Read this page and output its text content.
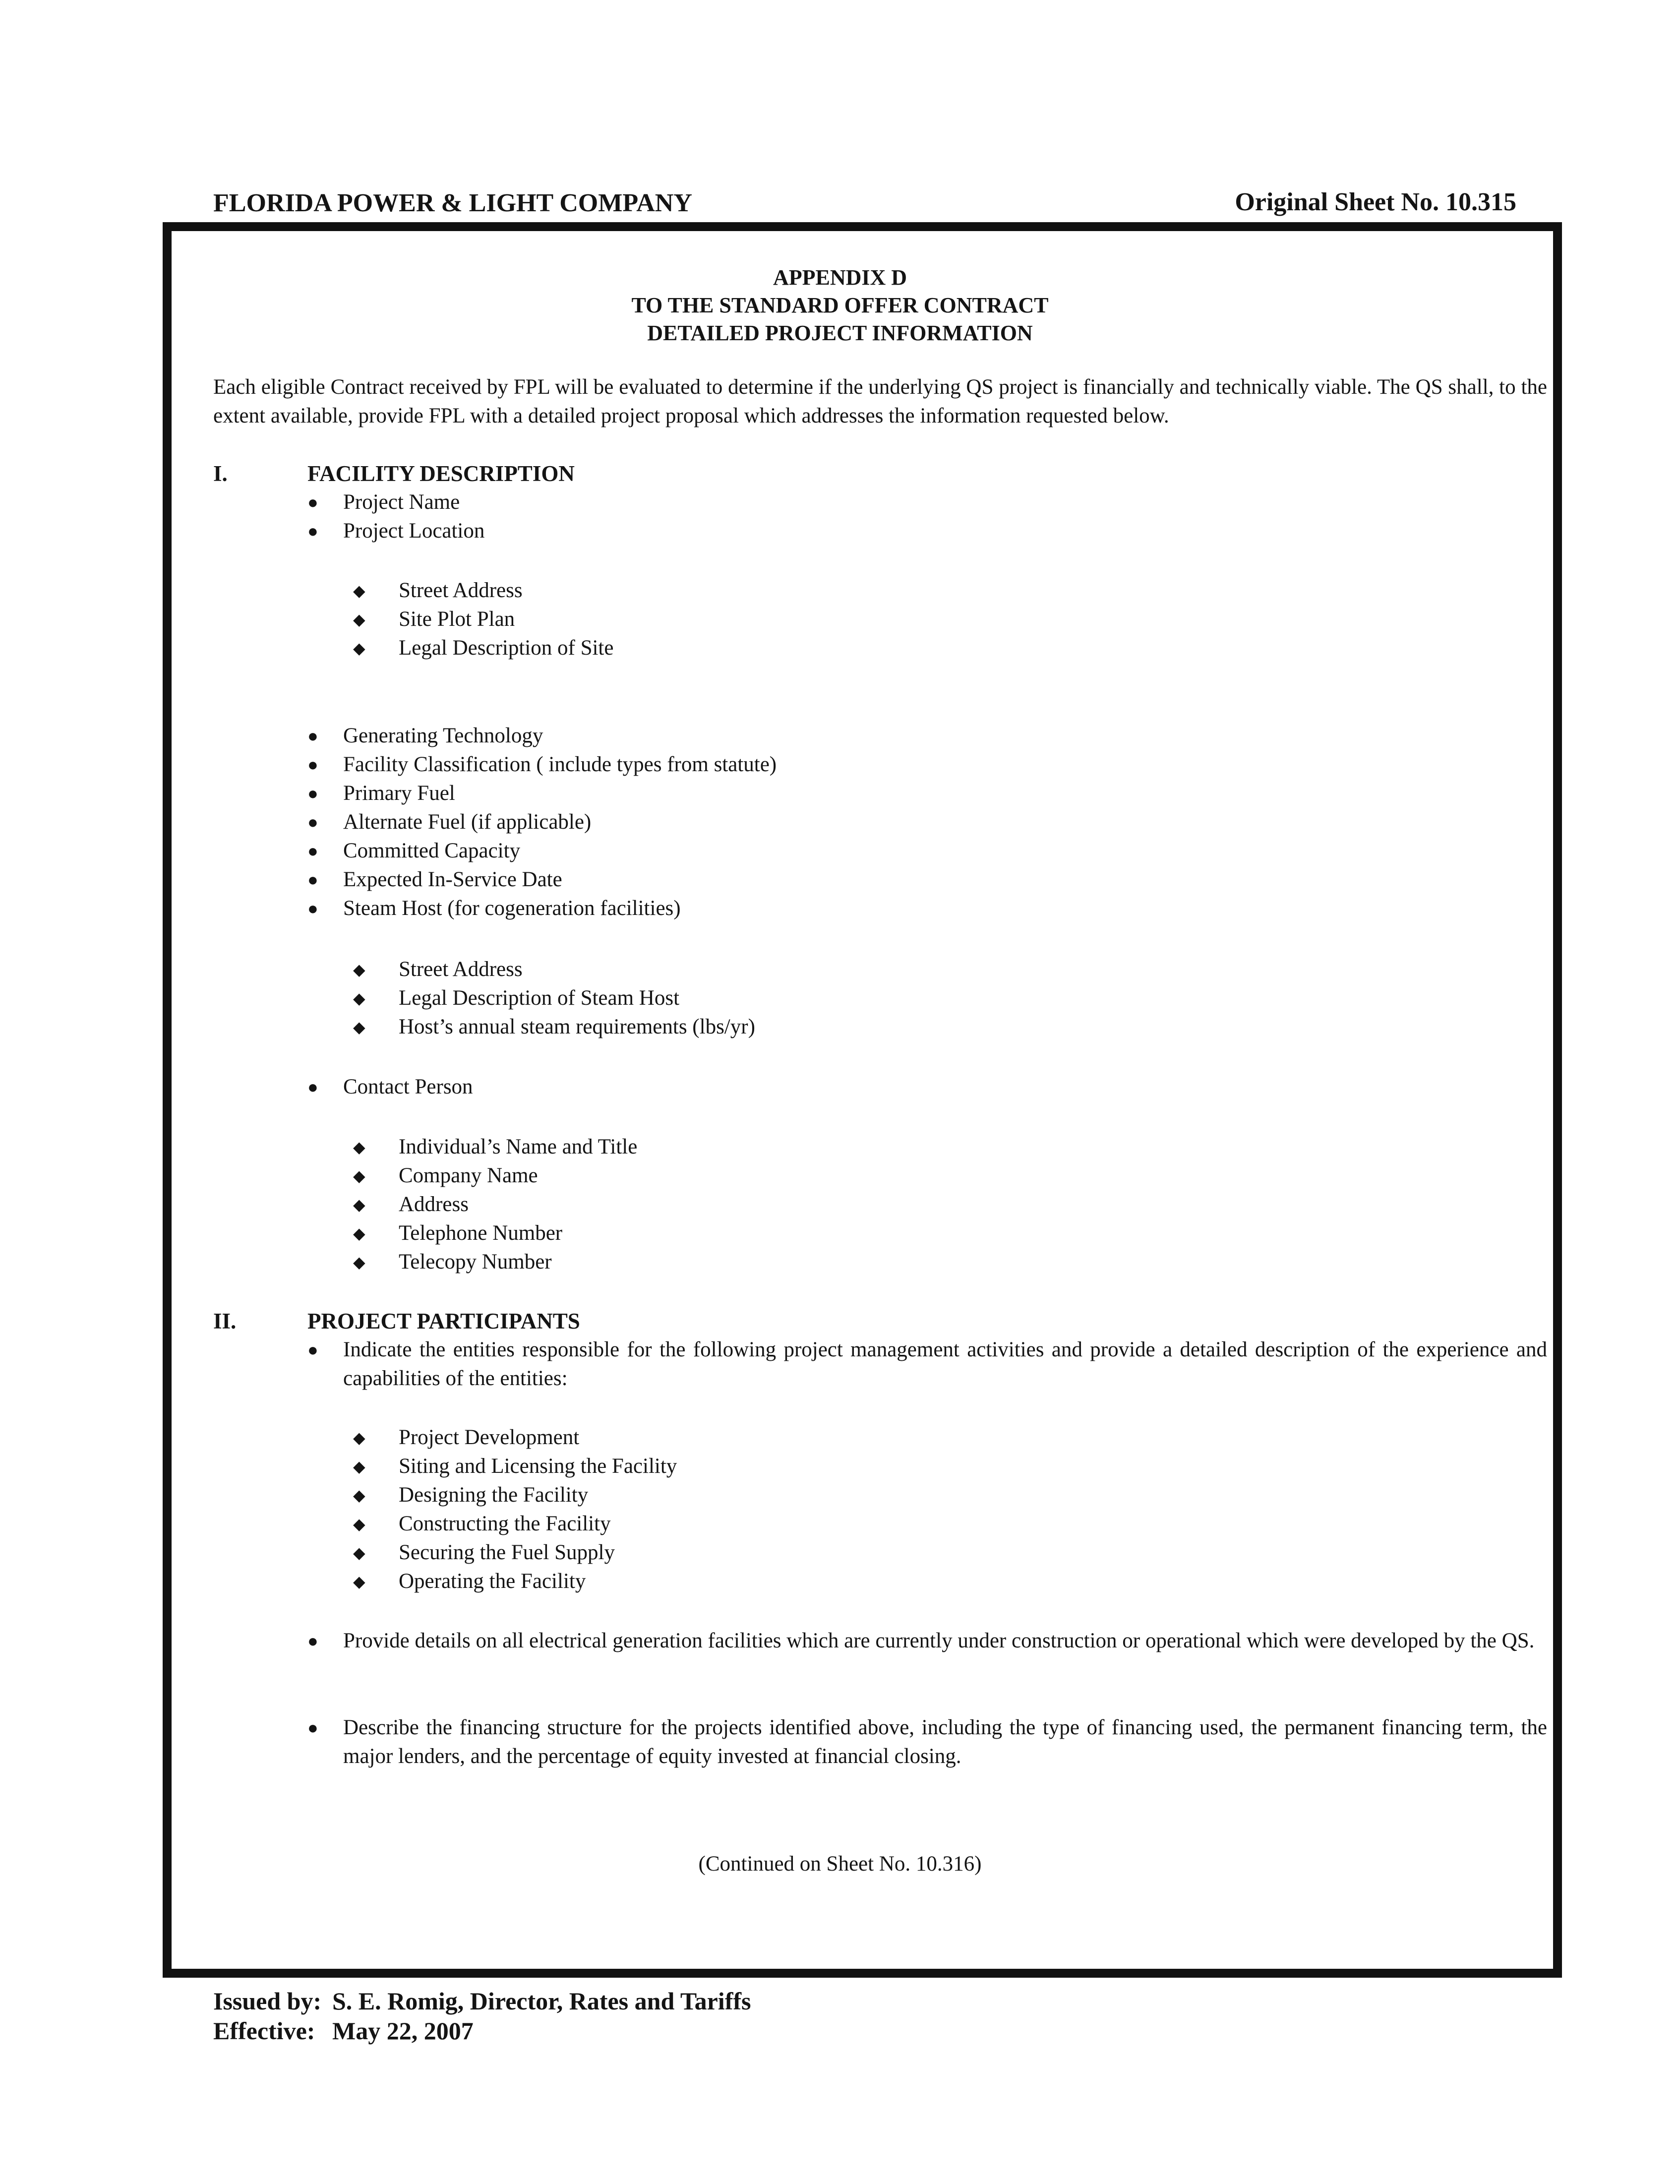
FLORIDA POWER & LIGHT COMPANY	Original Sheet No. 10.315
APPENDIX D
TO THE STANDARD OFFER CONTRACT
DETAILED PROJECT INFORMATION
Each eligible Contract received by FPL will be evaluated to determine if the underlying QS project is financially and technically viable. The QS shall, to the extent available, provide FPL with a detailed project proposal which addresses the information requested below.
I.	FACILITY DESCRIPTION
●	Project Name
●	Project Location
◆ Street Address
◆ Site Plot Plan
◆ Legal Description of Site
●	Generating Technology
●	Facility Classification ( include types from statute)
●	Primary Fuel
●	Alternate Fuel (if applicable)
●	Committed Capacity
●	Expected In-Service Date
●	Steam Host (for cogeneration facilities)
◆ Street Address
◆ Legal Description of Steam Host
◆ Host’s annual steam requirements (lbs/yr)
●	Contact Person
◆ Individual’s Name and Title
◆ Company Name
◆ Address
◆ Telephone Number
◆ Telecopy Number
II.	PROJECT PARTICIPANTS
● Indicate the entities responsible for the following project management activities and provide a detailed description of the experience and capabilities of the entities:
◆ Project Development
◆ Siting and Licensing the Facility
◆ Designing the Facility
◆ Constructing the Facility
◆ Securing the Fuel Supply
◆ Operating the Facility
● Provide details on all electrical generation facilities which are currently under construction or operational which were developed by the QS.
● Describe the financing structure for the projects identified above, including the type of financing used, the permanent financing term, the major lenders, and the percentage of equity invested at financial closing.
(Continued on Sheet No. 10.316)
Issued by: S. E. Romig, Director, Rates and Tariffs
Effective: May 22, 2007
